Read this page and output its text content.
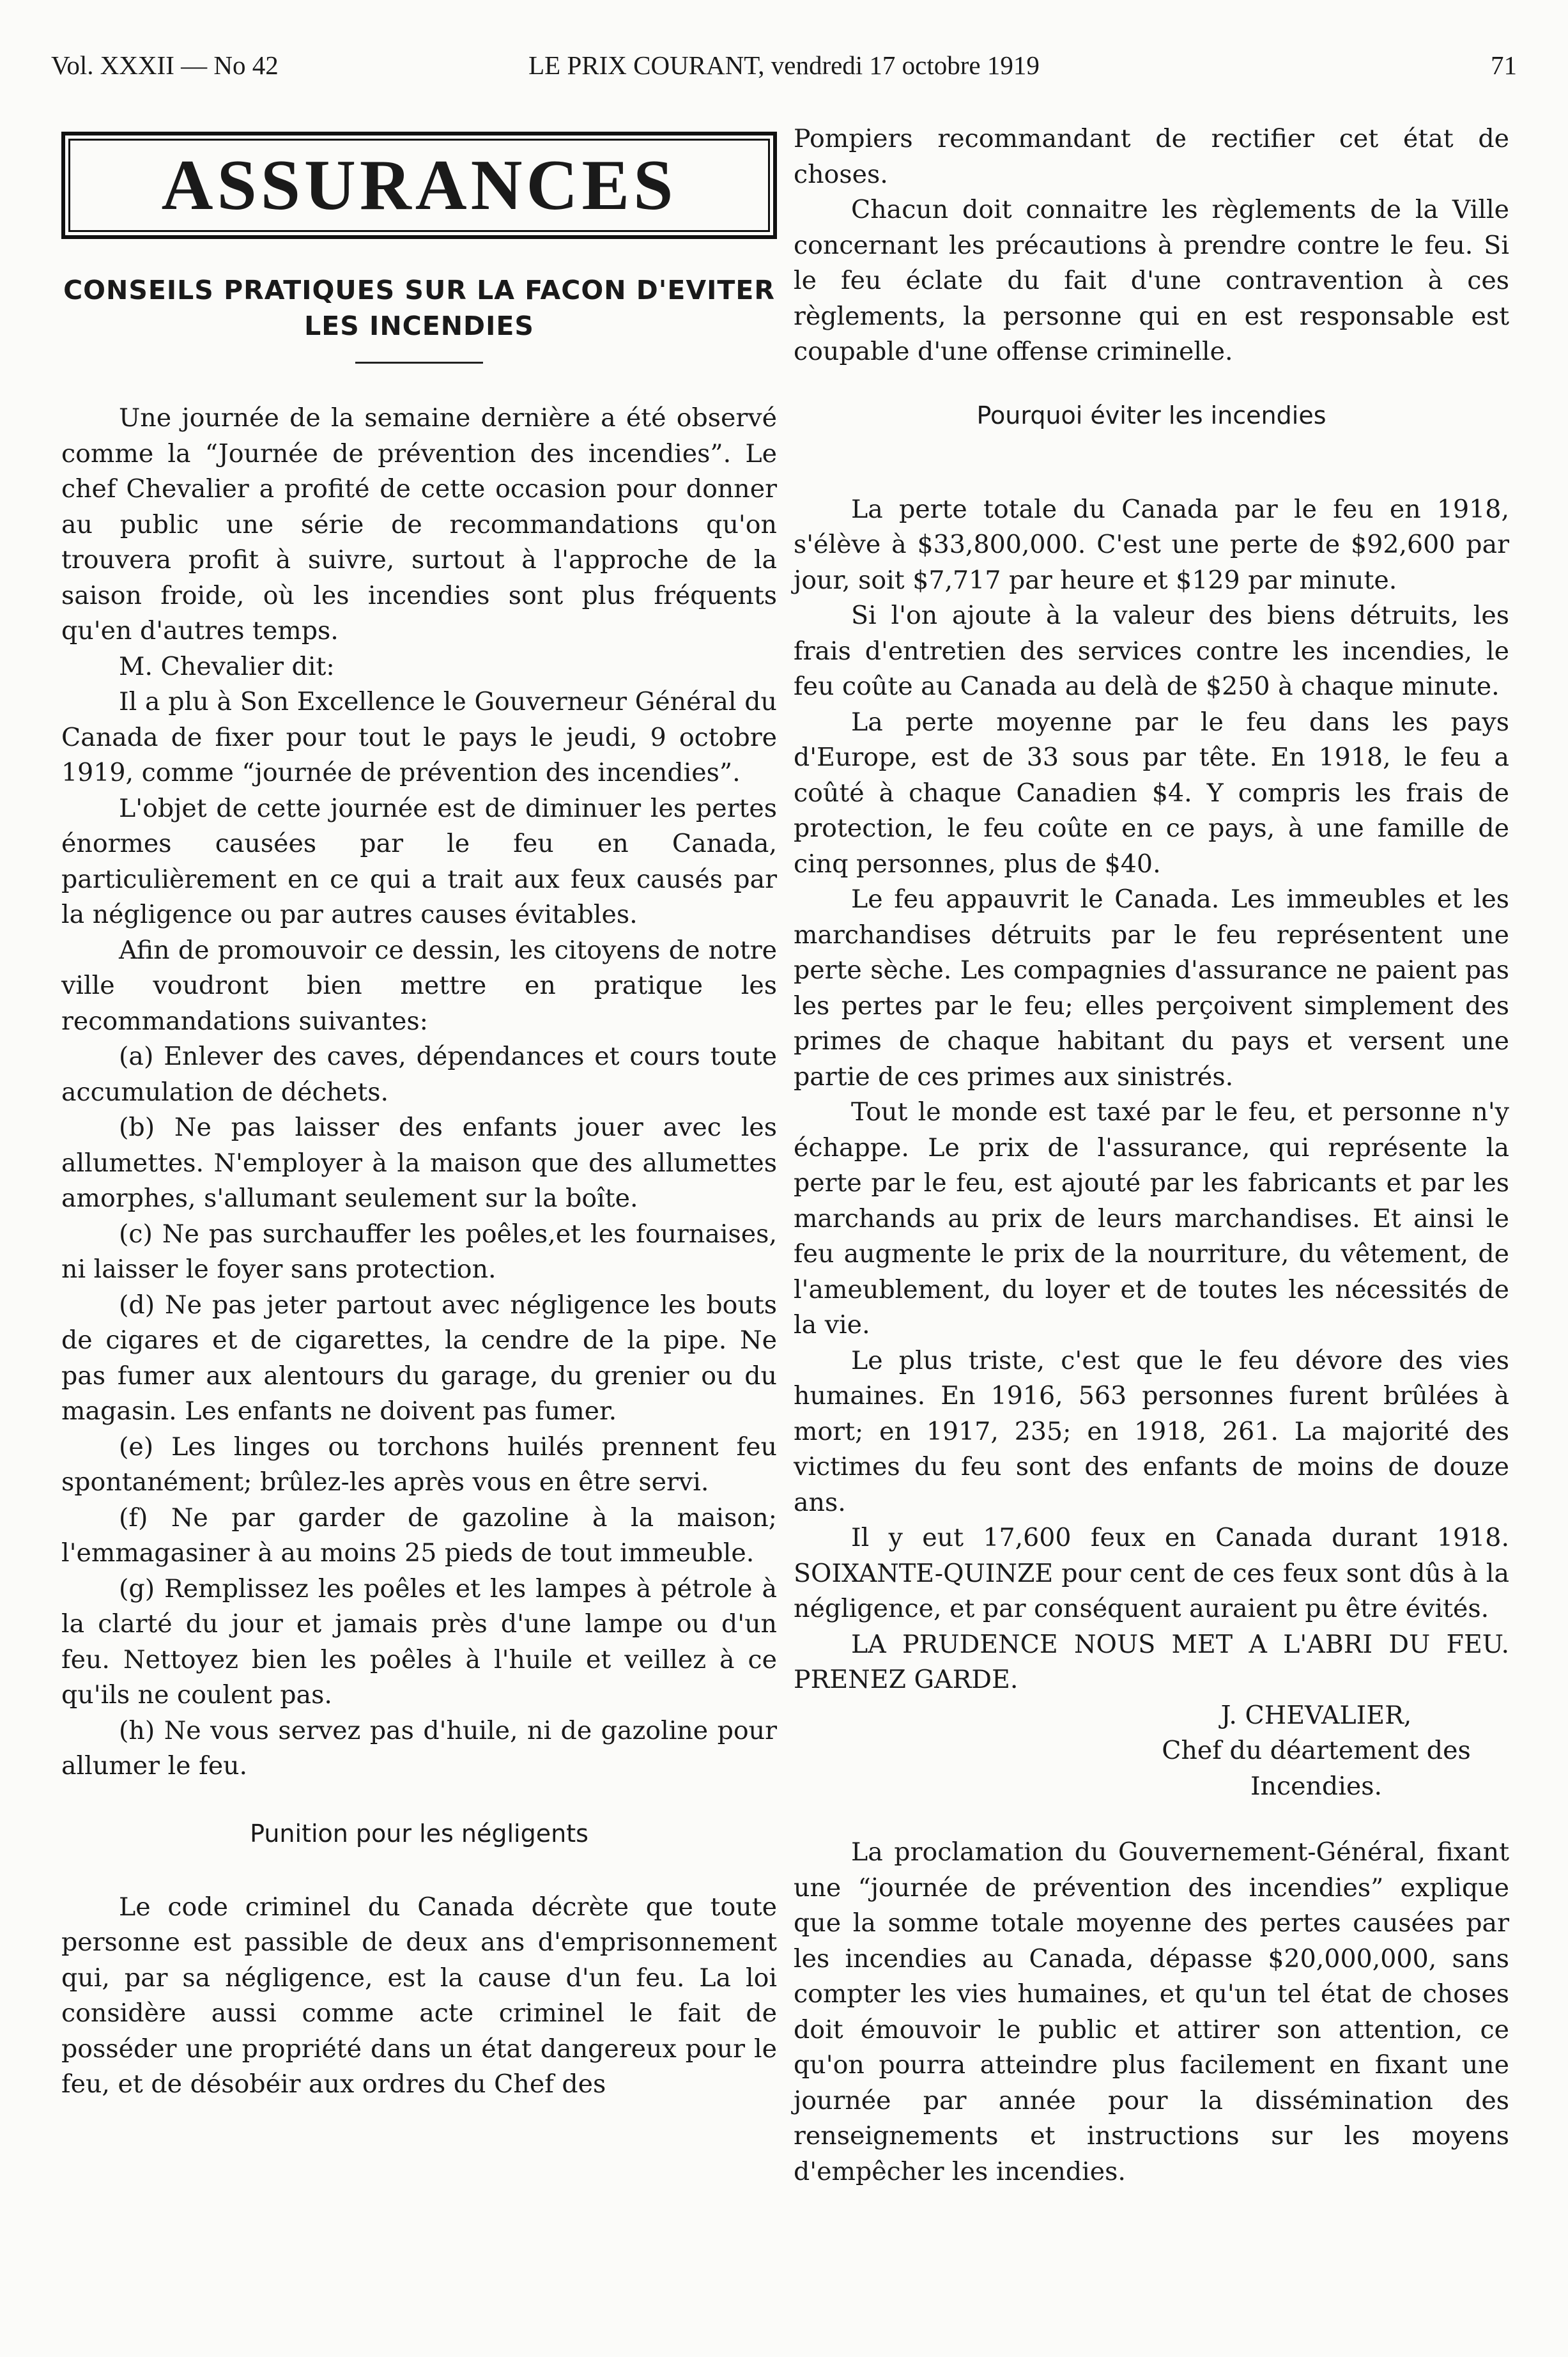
Vol. XXXII — No 42	LE PRIX COURANT, vendredi 17 octobre 1919	71
ASSURANCES
CONSEILS PRATIQUES SUR LA FACON D'EVITER LES INCENDIES

Une journée de la semaine dernière a été observé comme la “Journée de prévention des incendies”. Le chef Chevalier a profité de cette occasion pour donner au public une série de recommandations qu'on trouvera profit à suivre, surtout à l'approche de la saison froide, où les incendies sont plus fréquents qu'en d'autres temps.

M. Chevalier dit:

Il a plu à Son Excellence le Gouverneur Général du Canada de fixer pour tout le pays le jeudi, 9 octobre 1919, comme “journée de prévention des incendies”.

L'objet de cette journée est de diminuer les pertes énormes causées par le feu en Canada, particulièrement en ce qui a trait aux feux causés par la négligence ou par autres causes évitables.

Afin de promouvoir ce dessin, les citoyens de notre ville voudront bien mettre en pratique les recommandations suivantes:

(a) Enlever des caves, dépendances et cours toute accumulation de déchets.

(b) Ne pas laisser des enfants jouer avec les allumettes. N'employer à la maison que des allumettes amorphes, s'allumant seulement sur la boîte.

(c) Ne pas surchauffer les poêles,et les fournaises, ni laisser le foyer sans protection.

(d) Ne pas jeter partout avec négligence les bouts de cigares et de cigarettes, la cendre de la pipe. Ne pas fumer aux alentours du garage, du grenier ou du magasin. Les enfants ne doivent pas fumer.

(e) Les linges ou torchons huilés prennent feu spontanément; brûlez-les après vous en être servi.

(f) Ne par garder de gazoline à la maison; l'emmagasiner à au moins 25 pieds de tout immeuble.

(g) Remplissez les poêles et les lampes à pétrole à la clarté du jour et jamais près d'une lampe ou d'un feu. Nettoyez bien les poêles à l'huile et veillez à ce qu'ils ne coulent pas.

(h) Ne vous servez pas d'huile, ni de gazoline pour allumer le feu.

Punition pour les négligents

Le code criminel du Canada décrète que toute personne est passible de deux ans d'emprisonnement qui, par sa négligence, est la cause d'un feu. La loi considère aussi comme acte criminel le fait de posséder une propriété dans un état dangereux pour le feu, et de désobéir aux ordres du Chef des

Pompiers recommandant de rectifier cet état de choses.

Chacun doit connaitre les règlements de la Ville concernant les précautions à prendre contre le feu. Si le feu éclate du fait d'une contravention à ces règlements, la personne qui en est responsable est coupable d'une offense criminelle.

Pourquoi éviter les incendies

La perte totale du Canada par le feu en 1918, s'élève à $33,800,000. C'est une perte de $92,600 par jour, soit $7,717 par heure et $129 par minute.

Si l'on ajoute à la valeur des biens détruits, les frais d'entretien des services contre les incendies, le feu coûte au Canada au delà de $250 à chaque minute.

La perte moyenne par le feu dans les pays d'Europe, est de 33 sous par tête. En 1918, le feu a coûté à chaque Canadien $4. Y compris les frais de protection, le feu coûte en ce pays, à une famille de cinq personnes, plus de $40.

Le feu appauvrit le Canada. Les immeubles et les marchandises détruits par le feu représentent une perte sèche. Les compagnies d'assurance ne paient pas les pertes par le feu; elles perçoivent simplement des primes de chaque habitant du pays et versent une partie de ces primes aux sinistrés.

Tout le monde est taxé par le feu, et personne n'y échappe. Le prix de l'assurance, qui représente la perte par le feu, est ajouté par les fabricants et par les marchands au prix de leurs marchandises. Et ainsi le feu augmente le prix de la nourriture, du vêtement, de l'ameublement, du loyer et de toutes les nécessités de la vie.

Le plus triste, c'est que le feu dévore des vies humaines. En 1916, 563 personnes furent brûlées à mort; en 1917, 235; en 1918, 261. La majorité des victimes du feu sont des enfants de moins de douze ans.

Il y eut 17,600 feux en Canada durant 1918. SOIXANTE-QUINZE pour cent de ces feux sont dûs à la négligence, et par conséquent auraient pu être évités.

LA PRUDENCE NOUS MET A L'ABRI DU FEU. PRENEZ GARDE.

J. CHEVALIER,
Chef du déartement des
Incendies.

La proclamation du Gouvernement-Général, fixant une “journée de prévention des incendies” explique que la somme totale moyenne des pertes causées par les incendies au Canada, dépasse $20,000,000, sans compter les vies humaines, et qu'un tel état de choses doit émouvoir le public et attirer son attention, ce qu'on pourra atteindre plus facilement en fixant une journée par année pour la dissémination des renseignements et instructions sur les moyens d'empêcher les incendies.
